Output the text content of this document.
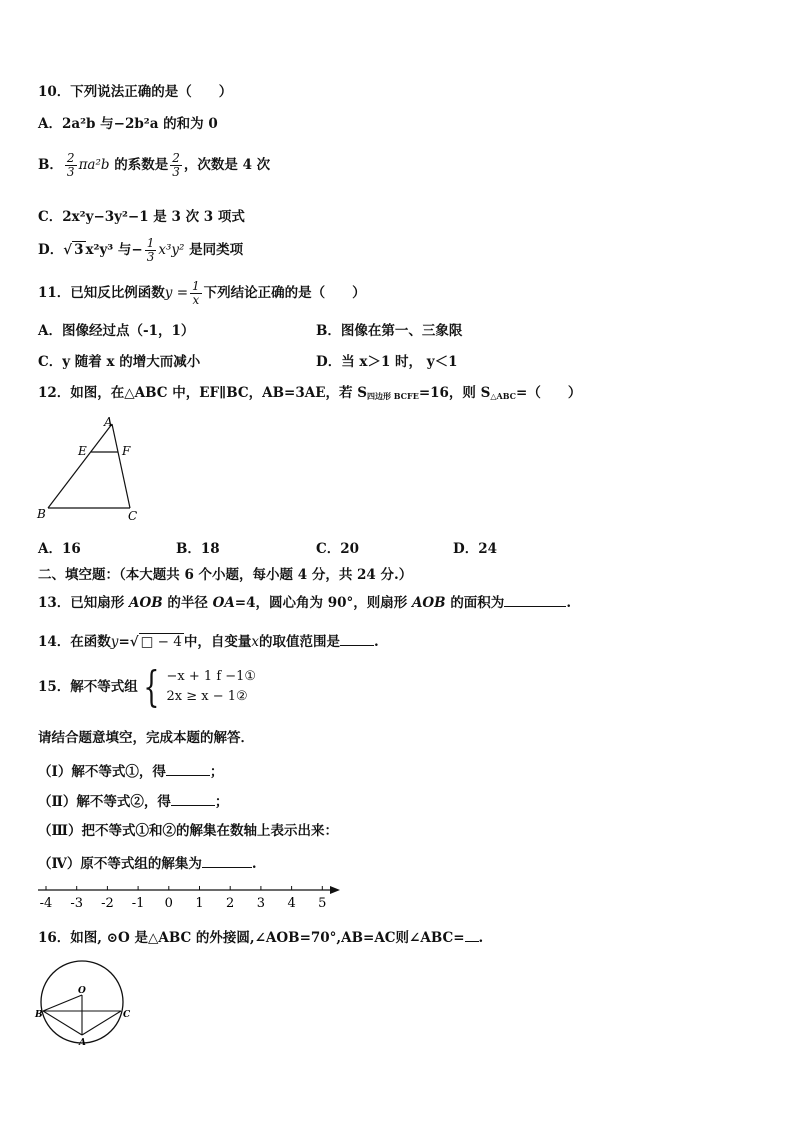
10．下列说法正确的是（　　）
A．2a²b 与−2b²a 的和为 0
B． $\frac{2}{3} \pi a^2b$ 的系数是 $\frac{2}{3}$ ，次数是 4 次
C．2x²y−3y²−1 是 3 次 3 项式
D．√ 3 x²y³ 与− $\frac{1}{3} x^3y^2$ 是同类项
11．已知反比例函数$y = \frac{1}{x}$ 下列结论正确的是（　　）
A．图像经过点（-1，1）	B．图像在第一、三象限
C．y 随着 x 的增大而减小	D．当 x＞1 时， y＜1
12．如图，在△ABC 中，EF∥BC，AB=3AE，若 $S_{四边形 BCFE}=16$，则 $S_{\triangle ABC}=$（　　）
A
E	F
B	C
A．16	B．18	C．20	D．24
二、填空题：（本大题共 6 个小题，每小题 4 分，共 24 分.）
13．已知扇形 AOB 的半径 OA=4，圆心角为 90°，则扇形 AOB 的面积为	.
14．在函数y=√ □ − 4 中，自变量x的取值范围是	.
15．解不等式组 { −x + 1 f −1①
2x ≥ x − 1②
请结合题意填空，完成本题的解答．
（Ⅰ）解不等式①，得	；
（Ⅱ）解不等式②，得	；
（Ⅲ）把不等式①和②的解集在数轴上表示出来：
（Ⅳ）原不等式组的解集为	.
-4 -3 -2 -1 0 1 2 3 4 5
16．如图, ⊙O 是△ABC 的外接圆,∠AOB=70°,AB=AC则∠ABC= .
O
B	C
A
